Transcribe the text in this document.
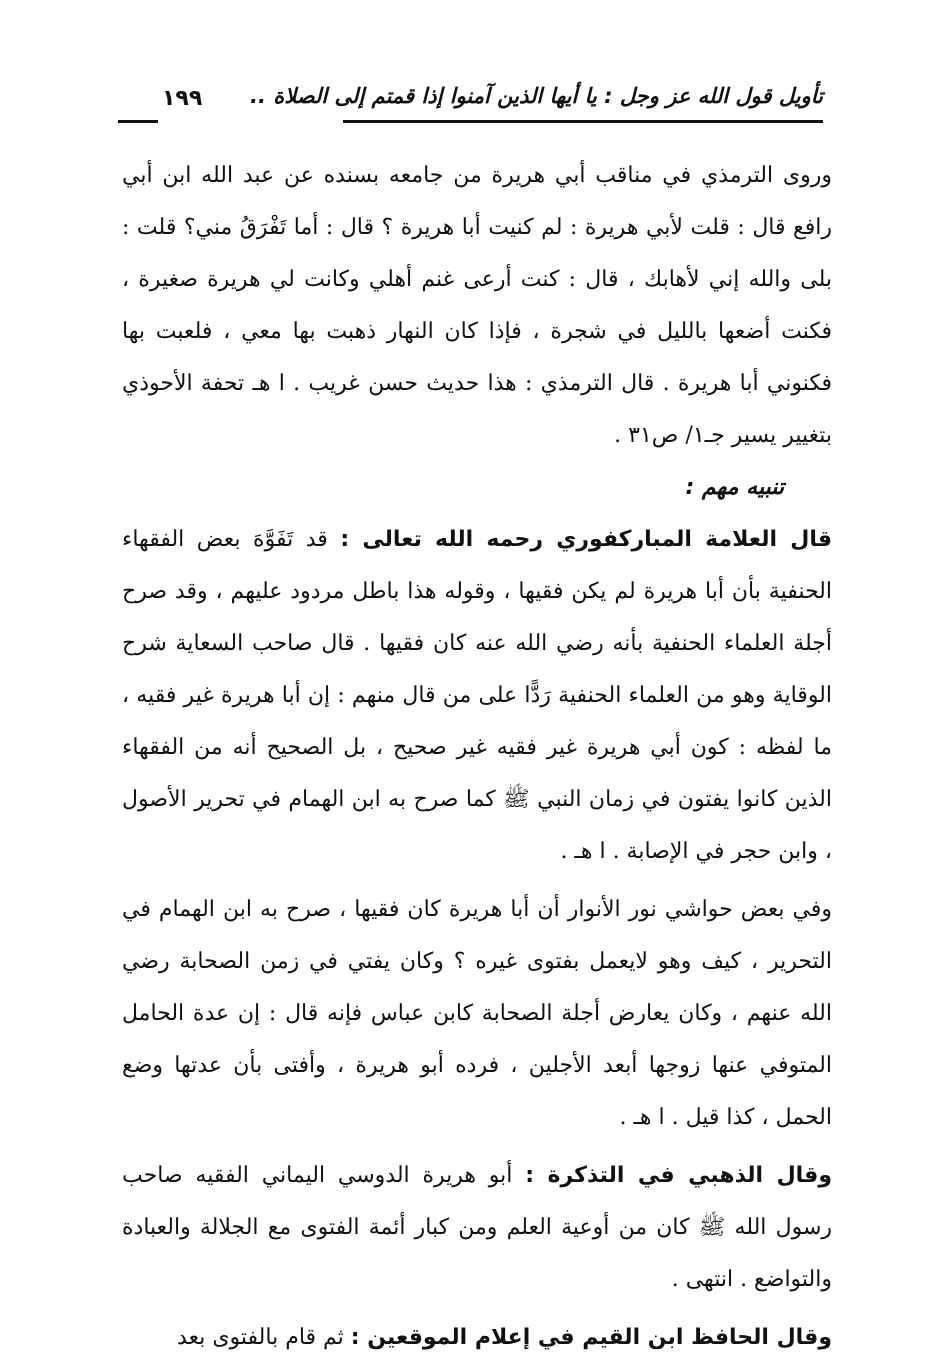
تأويل قول الله عز وجل : يا أيها الذين آمنوا إذا قمتم إلى الصلاة ..
١٩٩

وروى الترمذي في مناقب أبي هريرة من جامعه بسنده عن عبد الله ابن أبي رافع قال : قلت لأبي هريرة : لم كنيت أبا هريرة ؟ قال : أما تَفْرَقُ مني؟ قلت : بلى والله إني لأهابك ، قال : كنت أرعى غنم أهلي وكانت لي هريرة صغيرة ، فكنت أضعها بالليل في شجرة ، فإذا كان النهار ذهبت بها معي ، فلعبت بها فكنوني أبا هريرة . قال الترمذي : هذا حديث حسن غريب . ا هـ تحفة الأحوذي بتغيير يسير جـ١/ ص٣١ .

تنبيه مهم :

قال العلامة المباركفوري رحمه الله تعالى : قد تَفَوَّهَ بعض الفقهاء الحنفية بأن أبا هريرة لم يكن فقيها ، وقوله هذا باطل مردود عليهم ، وقد صرح أجلة العلماء الحنفية بأنه رضي الله عنه كان فقيها . قال صاحب السعاية شرح الوقاية وهو من العلماء الحنفية رَدًّا على من قال منهم : إن أبا هريرة غير فقيه ، ما لفظه : كون أبي هريرة غير فقيه غير صحيح ، بل الصحيح أنه من الفقهاء الذين كانوا يفتون في زمان النبي ﷺ كما صرح به ابن الهمام في تحرير الأصول ، وابن حجر في الإصابة . ا هـ .

وفي بعض حواشي نور الأنوار أن أبا هريرة كان فقيها ، صرح به ابن الهمام في التحرير ، كيف وهو لايعمل بفتوى غيره ؟ وكان يفتي في زمن الصحابة رضي الله عنهم ، وكان يعارض أجلة الصحابة كابن عباس فإنه قال : إن عدة الحامل المتوفي عنها زوجها أبعد الأجلين ، فرده أبو هريرة ، وأفتى بأن عدتها وضع الحمل ، كذا قيل . ا هـ .

وقال الذهبي في التذكرة : أبو هريرة الدوسي اليماني الفقيه صاحب رسول الله ﷺ كان من أوعية العلم ومن كبار أئمة الفتوى مع الجلالة والعبادة والتواضع . انتهى .

وقال الحافظ ابن القيم في إعلام الموقعين : ثم قام بالفتوى بعد
